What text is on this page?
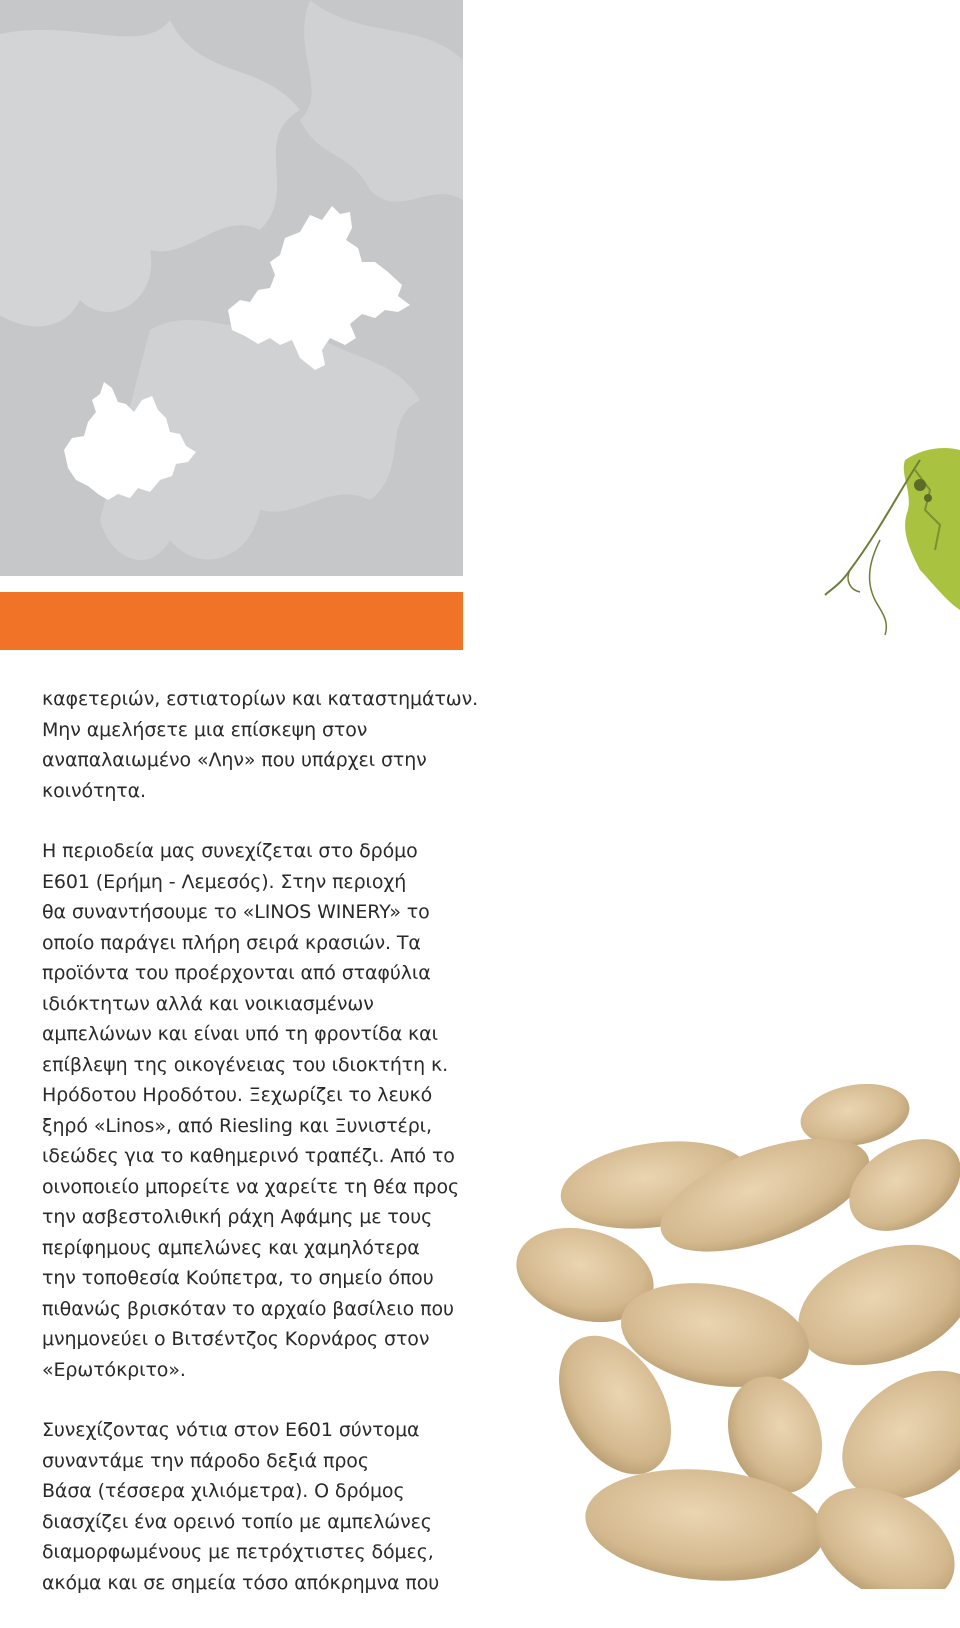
καφετεριών, εστιατορίων και καταστημάτων.

Μην αμελήσετε μια επίσκεψη στον

αναπαλαιωμένο «Λην» που υπάρχει στην

κοινότητα.

Η περιοδεία μας συνεχίζεται στο δρόμο

Ε601 (Ερήμη - Λεμεσός). Στην περιοχή

θα συναντήσουμε το «LINOS WINERY» το

οποίο παράγει πλήρη σειρά κρασιών. Τα

προϊόντα του προέρχονται από σταφύλια

ιδιόκτητων αλλά και νοικιασμένων

αμπελώνων και είναι υπό τη φροντίδα και

επίβλεψη της οικογένειας του ιδιοκτήτη κ.

Ηρόδοτου Ηροδότου. Ξεχωρίζει το λευκό

ξηρό «Linos», από Riesling και Ξυνιστέρι,

ιδεώδες για το καθημερινό τραπέζι. Από το

οινοποιείο μπορείτε να χαρείτε τη θέα προς

την ασβεστολιθική ράχη Αφάμης με τους

περίφημους αμπελώνες και χαμηλότερα

την τοποθεσία Κούπετρα, το σημείο όπου

πιθανώς βρισκόταν το αρχαίο βασίλειο που

μνημονεύει ο Βιτσέντζος Κορνάρος στον

«Ερωτόκριτο».

Συνεχίζοντας νότια στον Ε601 σύντομα

συναντάμε την πάροδο δεξιά προς

Βάσα (τέσσερα χιλιόμετρα). Ο δρόμος

διασχίζει ένα ορεινό τοπίο με αμπελώνες

διαμορφωμένους με πετρόχτιστες δόμες,

ακόμα και σε σημεία τόσο απόκρημνα που
